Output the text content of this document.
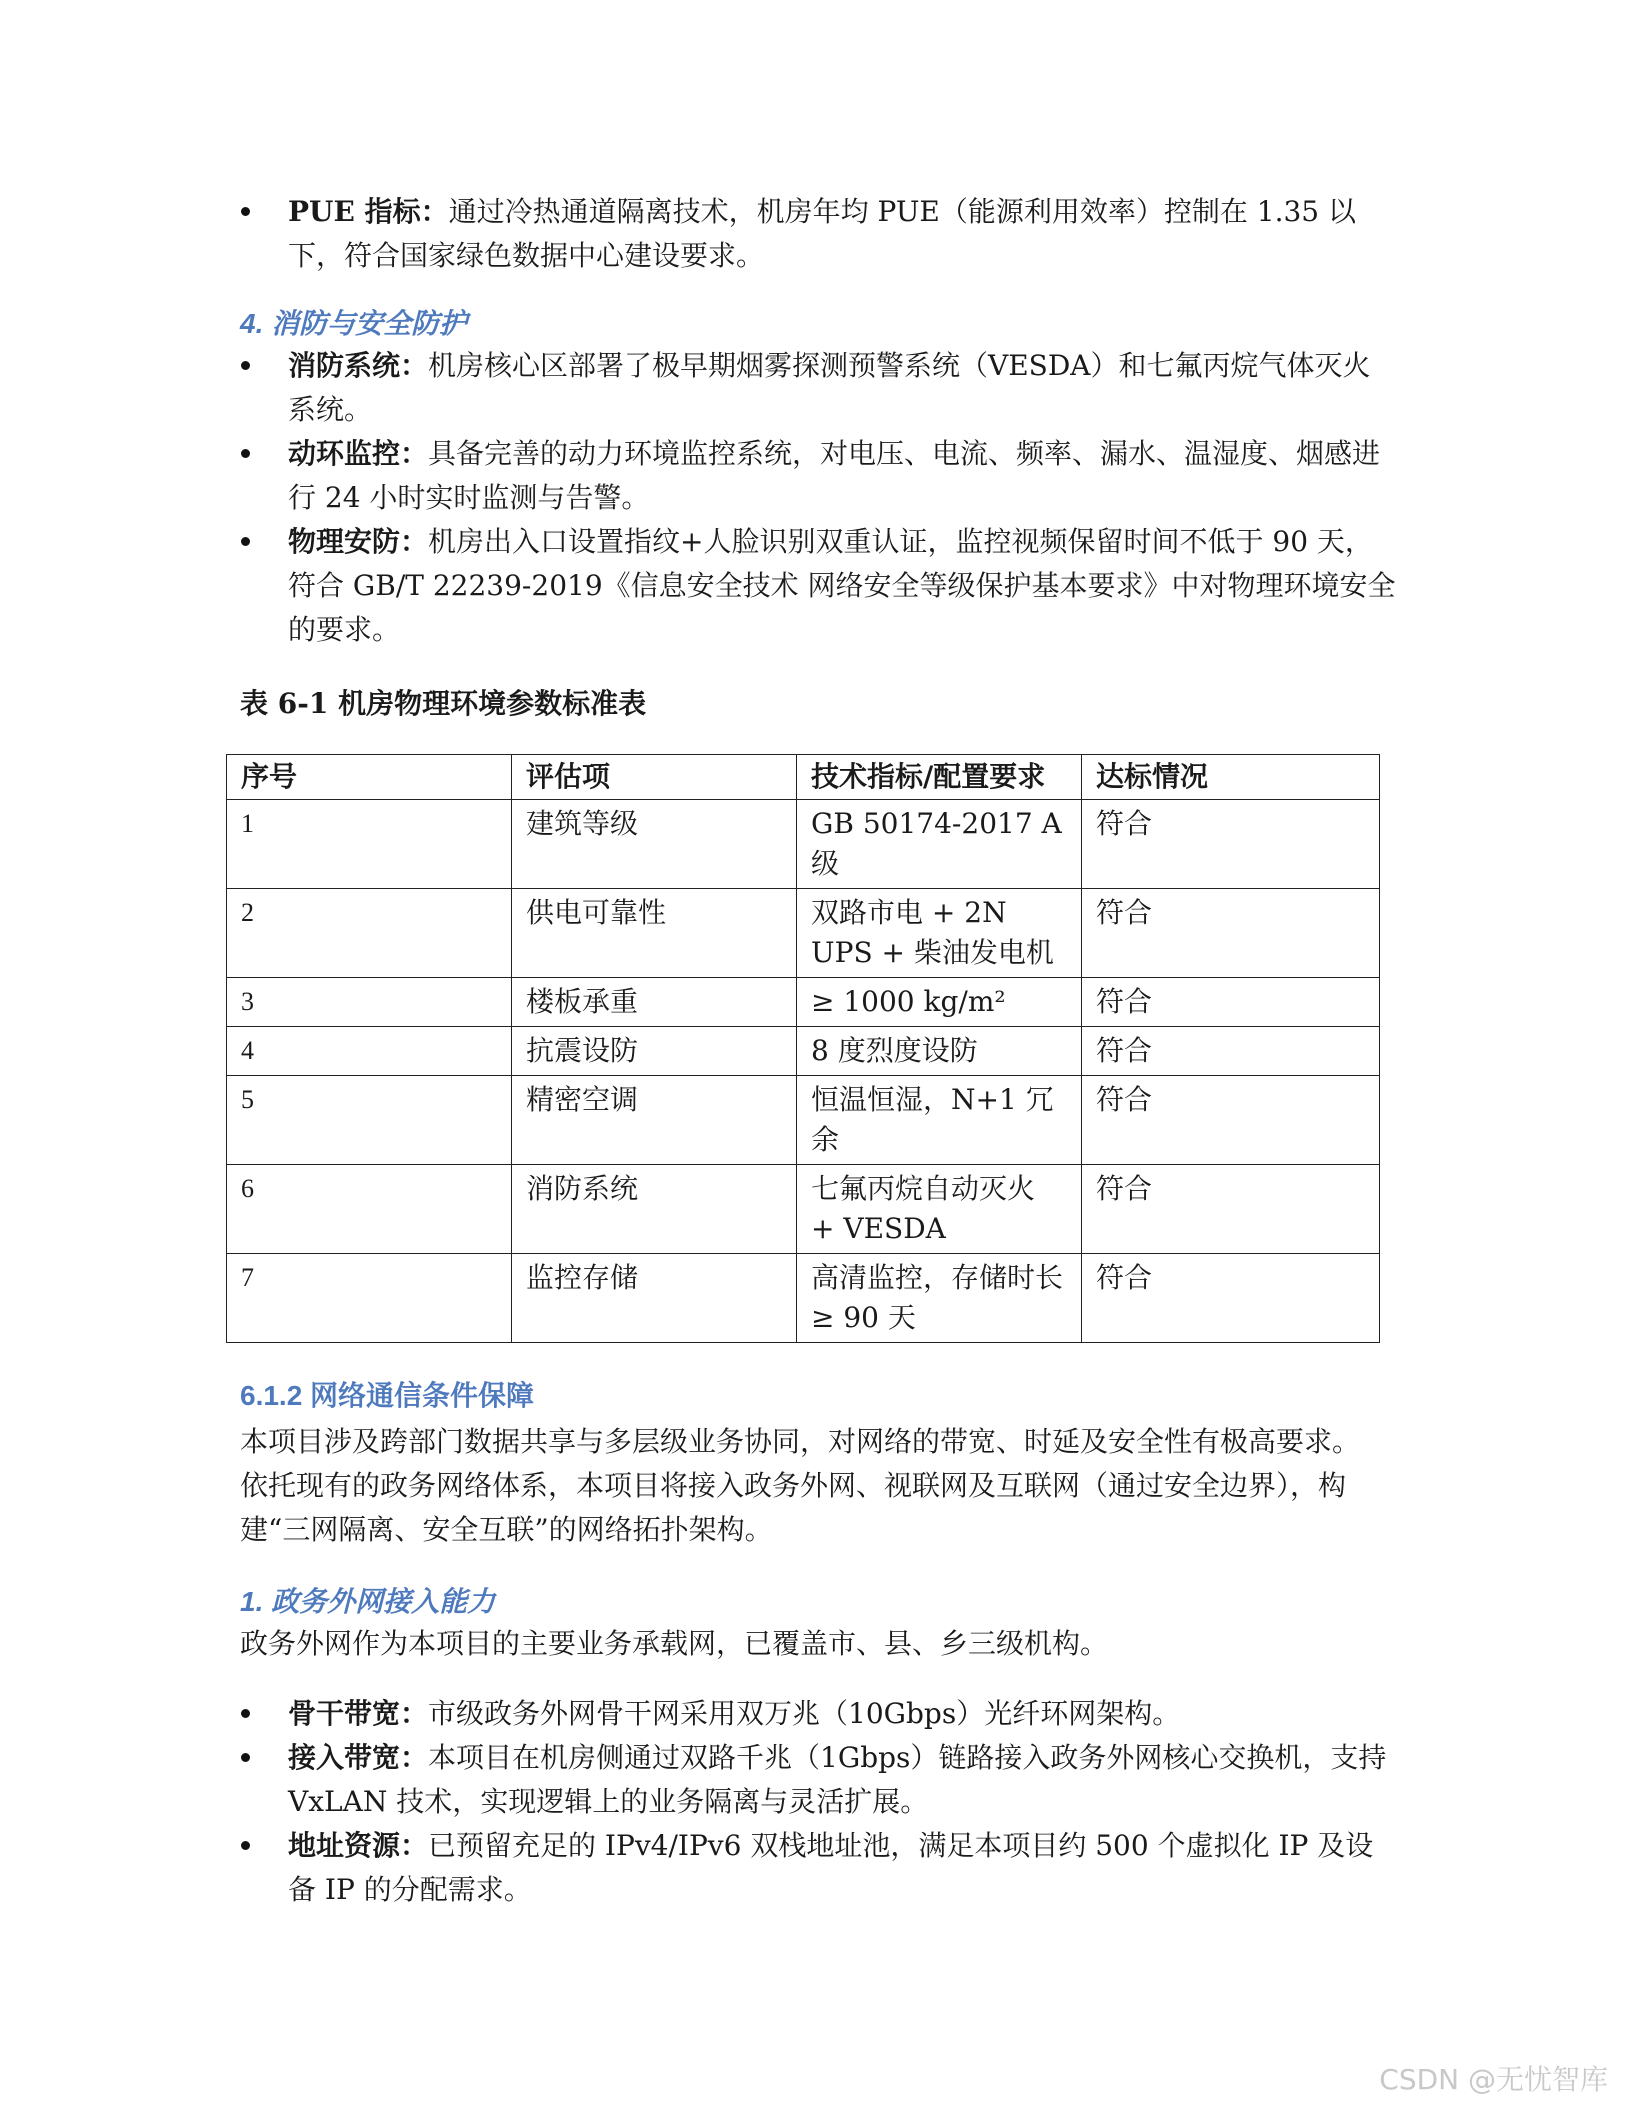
PUE 指标：通过冷热通道隔离技术，机房年均 PUE（能源利用效率）控制在 1.35 以下，符合国家绿色数据中心建设要求。
4. 消防与安全防护
消防系统：机房核心区部署了极早期烟雾探测预警系统（VESDA）和七氟丙烷气体灭火系统。
动环监控：具备完善的动力环境监控系统，对电压、电流、频率、漏水、温湿度、烟感进行 24 小时实时监测与告警。
物理安防：机房出入口设置指纹+人脸识别双重认证，监控视频保留时间不低于 90 天，符合 GB/T 22239-2019《信息安全技术 网络安全等级保护基本要求》中对物理环境安全的要求。

表 6-1 机房物理环境参数标准表

序号	评估项	技术指标/配置要求	达标情况
1	建筑等级	GB 50174-2017 A 级	符合
2	供电可靠性	双路市电 + 2N UPS + 柴油发电机	符合
3	楼板承重	≥ 1000 kg/m²	符合
4	抗震设防	8 度烈度设防	符合
5	精密空调	恒温恒湿，N+1 冗余	符合
6	消防系统	七氟丙烷自动灭火 + VESDA	符合
7	监控存储	高清监控，存储时长 ≥ 90 天	符合
6.1.2 网络通信条件保障

本项目涉及跨部门数据共享与多层级业务协同，对网络的带宽、时延及安全性有极高要求。依托现有的政务网络体系，本项目将接入政务外网、视联网及互联网（通过安全边界），构建“三网隔离、安全互联”的网络拓扑架构。

1. 政务外网接入能力

政务外网作为本项目的主要业务承载网，已覆盖市、县、乡三级机构。

骨干带宽：市级政务外网骨干网采用双万兆（10Gbps）光纤环网架构。
接入带宽：本项目在机房侧通过双路千兆（1Gbps）链路接入政务外网核心交换机，支持 VxLAN 技术，实现逻辑上的业务隔离与灵活扩展。
地址资源：已预留充足的 IPv4/IPv6 双栈地址池，满足本项目约 500 个虚拟化 IP 及设备 IP 的分配需求。
CSDN @无忧智库
